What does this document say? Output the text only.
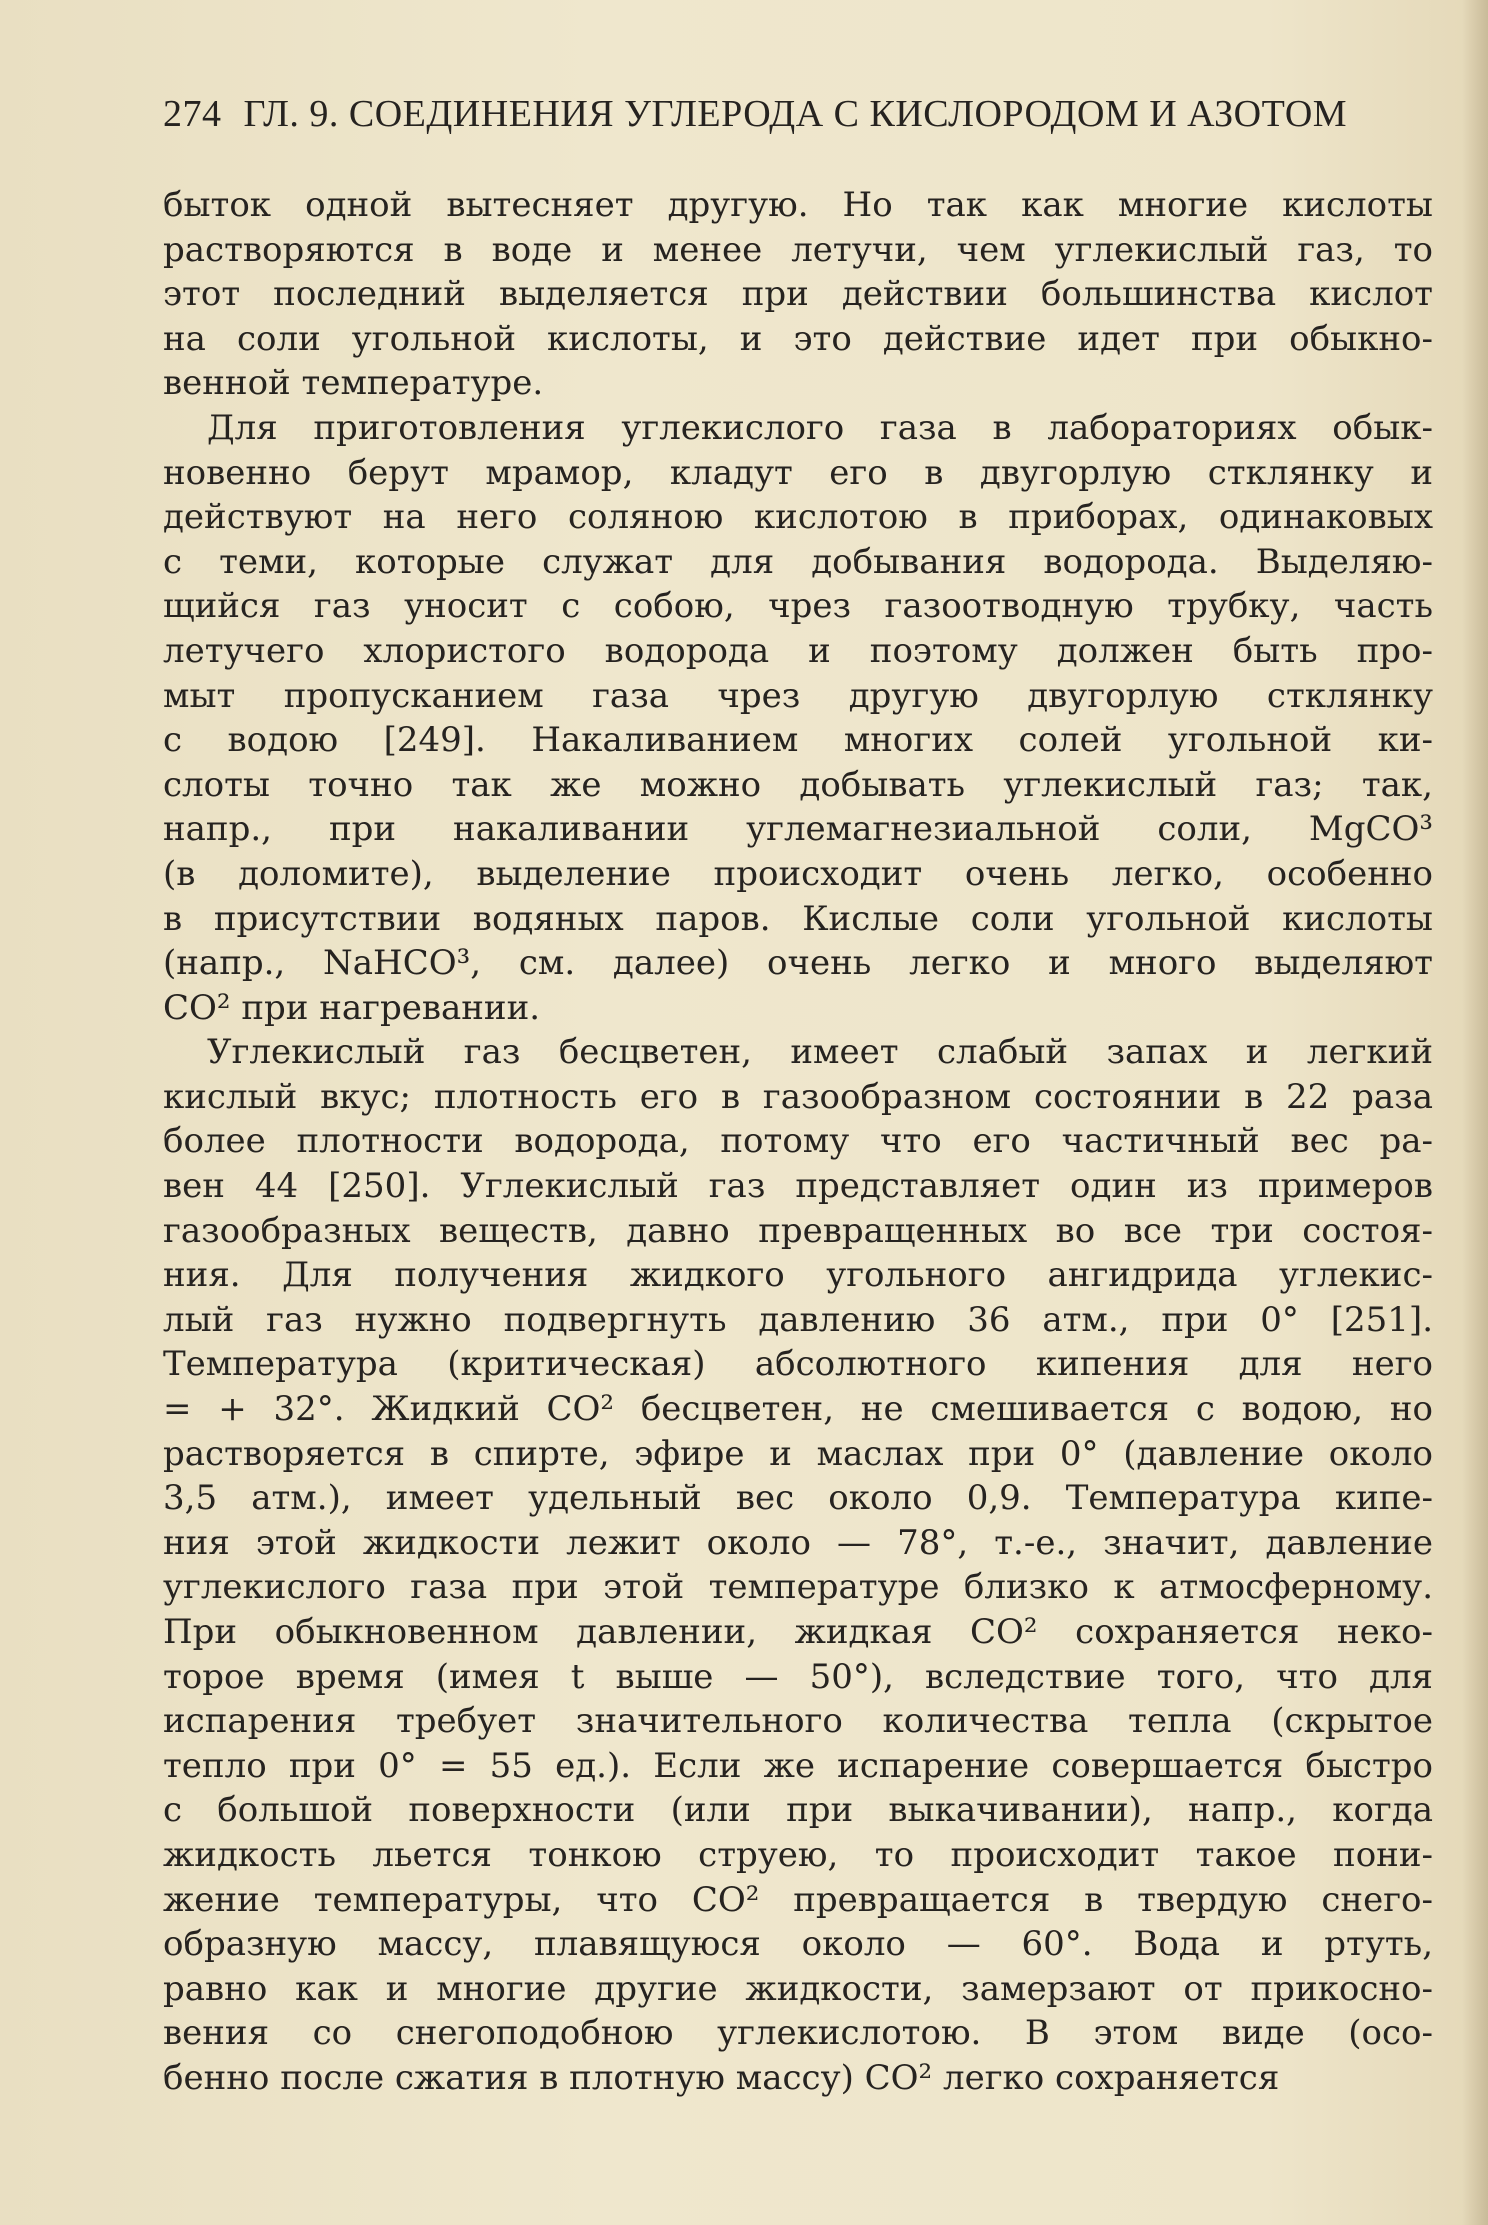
274 ГЛ. 9. СОЕДИНЕНИЯ УГЛЕРОДА С КИСЛОРОДОМ И АЗОТОМ
быток одной вытесняет другую. Но так как многие кислоты
растворяются в воде и менее летучи, чем углекислый газ, то
этот последний выделяется при действии большинства кислот
на соли угольной кислоты, и это действие идет при обыкно-
венной температуре.
Для приготовления углекислого газа в лабораториях обык-
новенно берут мрамор, кладут его в двугорлую стклянку и
действуют на него соляною кислотою в приборах, одинаковых
с теми, которые служат для добывания водорода. Выделяю-
щийся газ уносит с собою, чрез газоотводную трубку, часть
летучего хлористого водорода и поэтому должен быть про-
мыт пропусканием газа чрез другую двугорлую стклянку
с водою [249]. Накаливанием многих солей угольной ки-
слоты точно так же можно добывать углекислый газ; так,
напр., при накаливании углемагнезиальной соли, MgCO³
(в доломите), выделение происходит очень легко, особенно
в присутствии водяных паров. Кислые соли угольной кислоты
(напр., NaHCO³, см. далее) очень легко и много выделяют
CO² при нагревании.
Углекислый газ бесцветен, имеет слабый запах и легкий
кислый вкус; плотность его в газообразном состоянии в 22 раза
более плотности водорода, потому что его частичный вес ра-
вен 44 [250]. Углекислый газ представляет один из примеров
газообразных веществ, давно превращенных во все три состоя-
ния. Для получения жидкого угольного ангидрида углекис-
лый газ нужно подвергнуть давлению 36 атм., при 0° [251].
Температура (критическая) абсолютного кипения для него
= + 32°. Жидкий CO² бесцветен, не смешивается с водою, но
растворяется в спирте, эфире и маслах при 0° (давление около
3,5 атм.), имеет удельный вес около 0,9. Температура кипе-
ния этой жидкости лежит около — 78°, т.-е., значит, давление
углекислого газа при этой температуре близко к атмосферному.
При обыкновенном давлении, жидкая CO² сохраняется неко-
торое время (имея t выше — 50°), вследствие того, что для
испарения требует значительного количества тепла (скрытое
тепло при 0° = 55 ед.). Если же испарение совершается быстро
с большой поверхности (или при выкачивании), напр., когда
жидкость льется тонкою струею, то происходит такое пони-
жение температуры, что CO² превращается в твердую снего-
образную массу, плавящуюся около — 60°. Вода и ртуть,
равно как и многие другие жидкости, замерзают от прикосно-
вения со снегоподобною углекислотою. В этом виде (осо-
бенно после сжатия в плотную массу) CO² легко сохраняется
